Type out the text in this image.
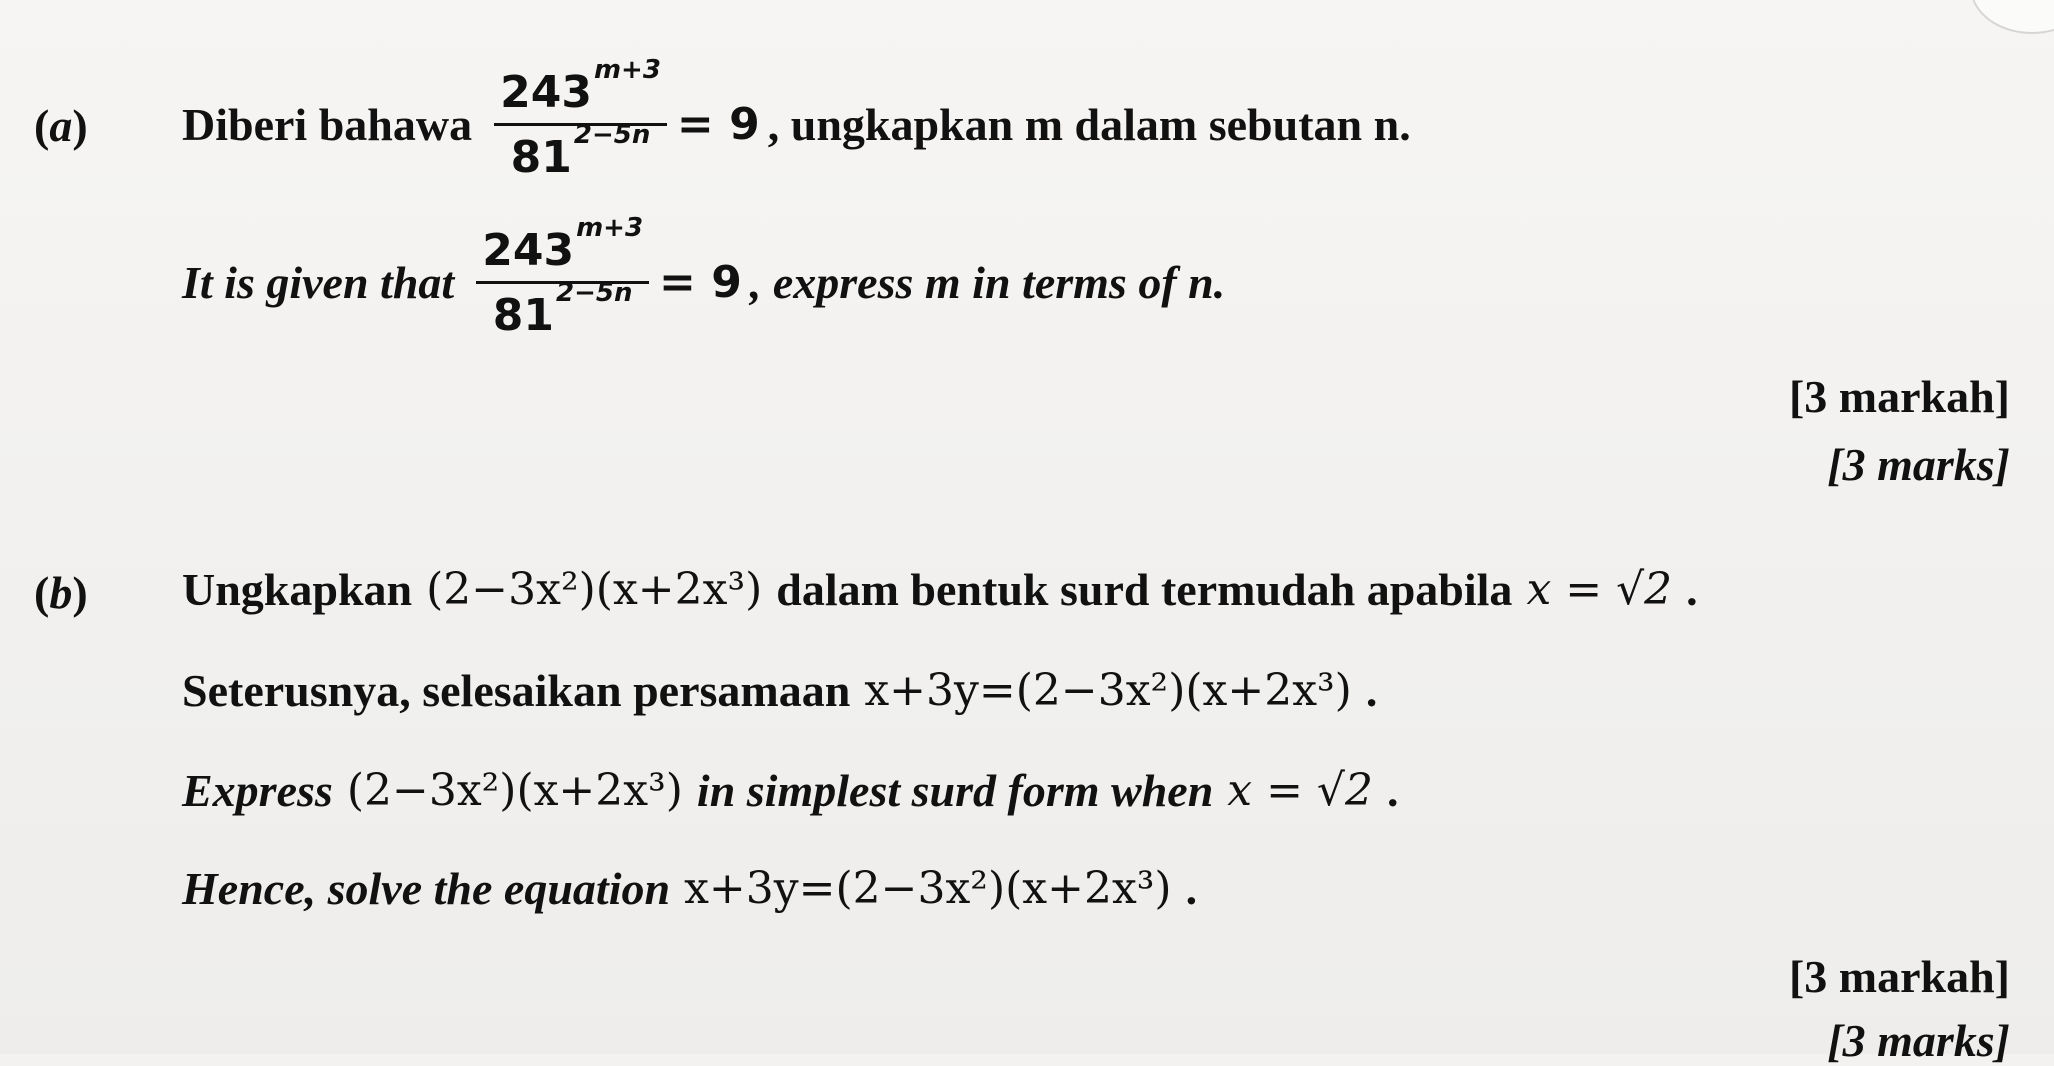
(a) Diberi bahawa $\frac{243^{m+3}}{81^{2-5n}} = 9$ , ungkapkan m dalam sebutan n.
It is given that $\frac{243^{m+3}}{81^{2-5n}} = 9$ , express m in terms of n.
[3 markah]
[3 marks]
(b) Ungkapkan (2−3x²)(x+2x³) dalam bentuk surd termudah apabila x = √2 .
Seterusnya, selesaikan persamaan x+3y=(2−3x²)(x+2x³) .
Express (2−3x²)(x+2x³) in simplest surd form when x = √2 .
Hence, solve the equation x+3y=(2−3x²)(x+2x³) .
[3 markah]
[3 marks]
